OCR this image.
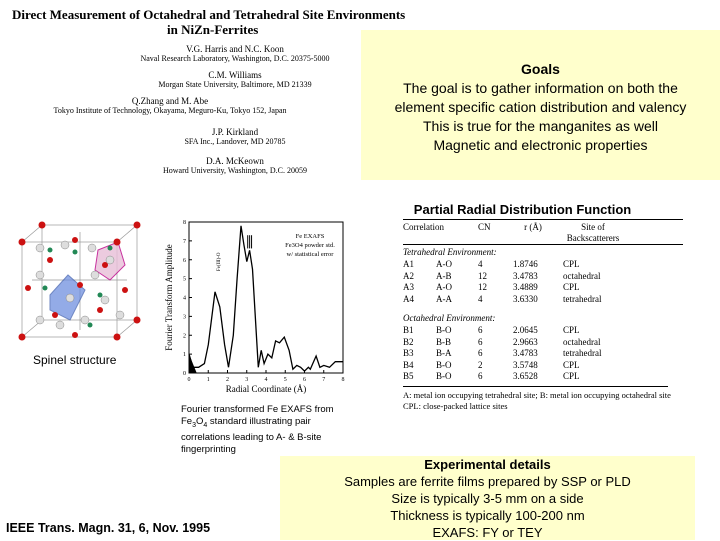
Direct Measurement of Octahedral and Tetrahedral Site Environments
in NiZn-Ferrites
V.G. Harris and N.C. Koon
Naval Research Laboratory, Washington, D.C. 20375-5000
C.M. Williams
Morgan State University, Baltimore, MD 21339
Q.Zhang and M. Abe
Tokyo Institute of Technology, Okayama, Meguro-Ku, Tokyo 152, Japan
J.P. Kirkland
SFA Inc., Landover, MD 20785
D.A. McKeown
Howard University, Washington, D.C. 20059
Goals
The goal is to gather information on both the
element specific cation distribution and valency
This is true for the manganites as well
Magnetic and electronic properties
Spinel structure
0	1	2	3	4	5	6	7	8
0
1
2
3
4
5
6
7
8
Radial Coordinate (Å)
Fourier Transform Amplitude
Fe EXAFS
Fe3O4 powder std.
w/ statistical error
Fe(III)-O
Fourier transformed Fe EXAFS from
$Fe_3O_4$ standard illustrating pair correlations leading to A- & B-site fingerprinting
Partial Radial Distribution Function
Correlation	CN	r (Å)	Site of Backscatterers
Tetrahedral Environment:
A1	A-O	4	1.8746	CPL
A2	A-B	12	3.4783	octahedral
A3	A-O	12	3.4889	CPL
A4	A-A	4	3.6330	tetrahedral
Octahedral Environment:
B1	B-O	6	2.0645	CPL
B2	B-B	6	2.9663	octahedral
B3	B-A	6	3.4783	tetrahedral
B4	B-O	2	3.5748	CPL
B5	B-O	6	3.6528	CPL
A: metal ion occupying tetrahedral site; B: metal ion occupying octahedral site
CPL: close-packed lattice sites
Experimental details
Samples are ferrite films prepared by SSP or PLD
Size is typically 3-5 mm on a side
Thickness is typically 100-200 nm
EXAFS: FY or TEY
IEEE Trans. Magn. 31, 6, Nov. 1995
